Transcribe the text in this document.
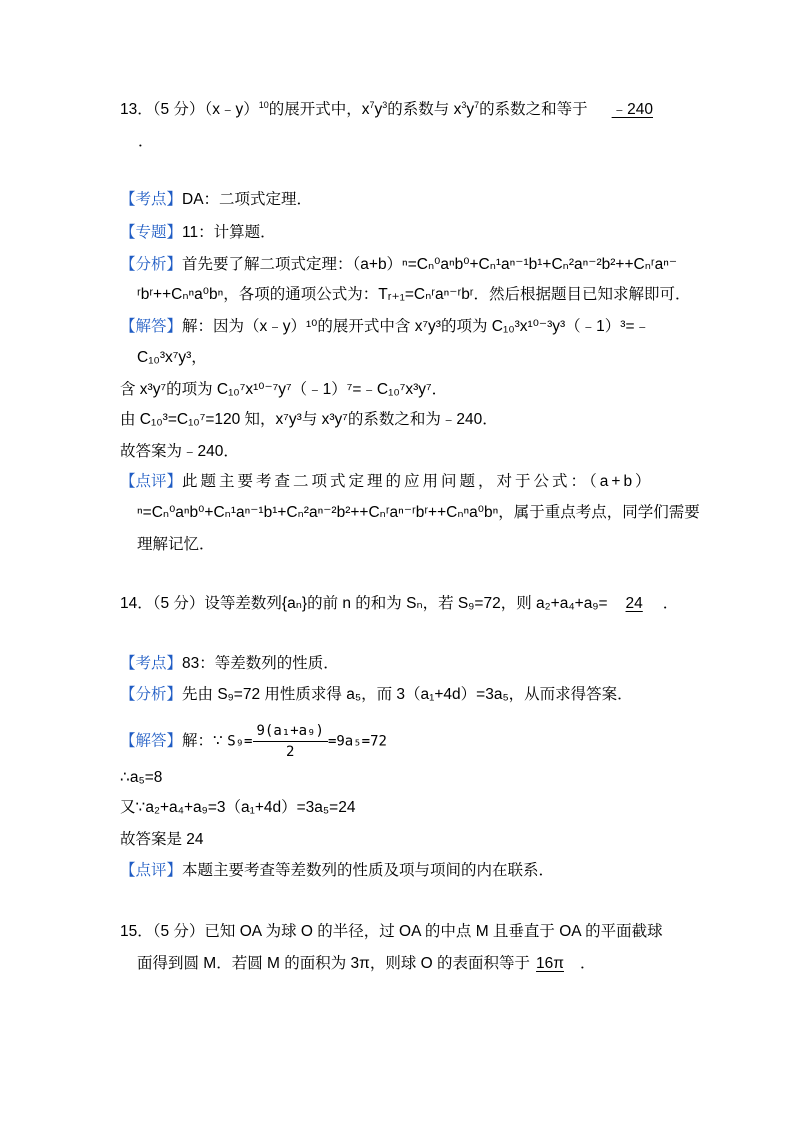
13．（5 分）（x﹣y）$^{10}$的展开式中，$x^7y^3$的系数与 $x^3y^7$的系数之和等于 ﹣240
．
【考点】DA：二项式定理．
【专题】11：计算题．
【分析】首先要了解二项式定理：（a+b）ⁿ=Cₙ⁰aⁿb⁰+Cₙ¹aⁿ⁻¹b¹+Cₙ²aⁿ⁻²b²++Cₙʳaⁿ⁻
ʳbʳ++Cₙⁿa⁰bⁿ，各项的通项公式为：Tᵣ₊₁=Cₙʳaⁿ⁻ʳbʳ．然后根据题目已知求解即可．
【解答】解：因为（x﹣y）¹⁰的展开式中含 x⁷y³的项为 C₁₀³x¹⁰⁻³y³（﹣1）³=﹣
C₁₀³x⁷y³，
含 x³y⁷的项为 C₁₀⁷x¹⁰⁻⁷y⁷（﹣1）⁷=﹣C₁₀⁷x³y⁷．
由 C₁₀³=C₁₀⁷=120 知，x⁷y³与 x³y⁷的系数之和为﹣240．
故答案为﹣240．
【点评】此题主要考查二项式定理的应用问题，对于公式：（a+b）
ⁿ=Cₙ⁰aⁿb⁰+Cₙ¹aⁿ⁻¹b¹+Cₙ²aⁿ⁻²b²++Cₙʳaⁿ⁻ʳbʳ++Cₙⁿa⁰bⁿ，属于重点考点，同学们需要
理解记忆．
14．（5 分）设等差数列{aₙ}的前 n 的和为 Sₙ，若 S₉=72，则 a₂+a₄+a₉= 24 ．
【考点】83：等差数列的性质．
【分析】先由 S₉=72 用性质求得 a₅，而 3（a₁+4d）=3a₅，从而求得答案．
【解答】解：∵ $S_9= \frac{\text{9(a₁+a₉)}}{2} =9a_5=72$
∴a₅=8
又∵a₂+a₄+a₉=3（a₁+4d）=3a₅=24
故答案是 24
【点评】本题主要考查等差数列的性质及项与项间的内在联系．
15．（5 分）已知 OA 为球 O 的半径，过 OA 的中点 M 且垂直于 OA 的平面截球
面得到圆 M．若圆 M 的面积为 3π，则球 O 的表面积等于 16π ．
